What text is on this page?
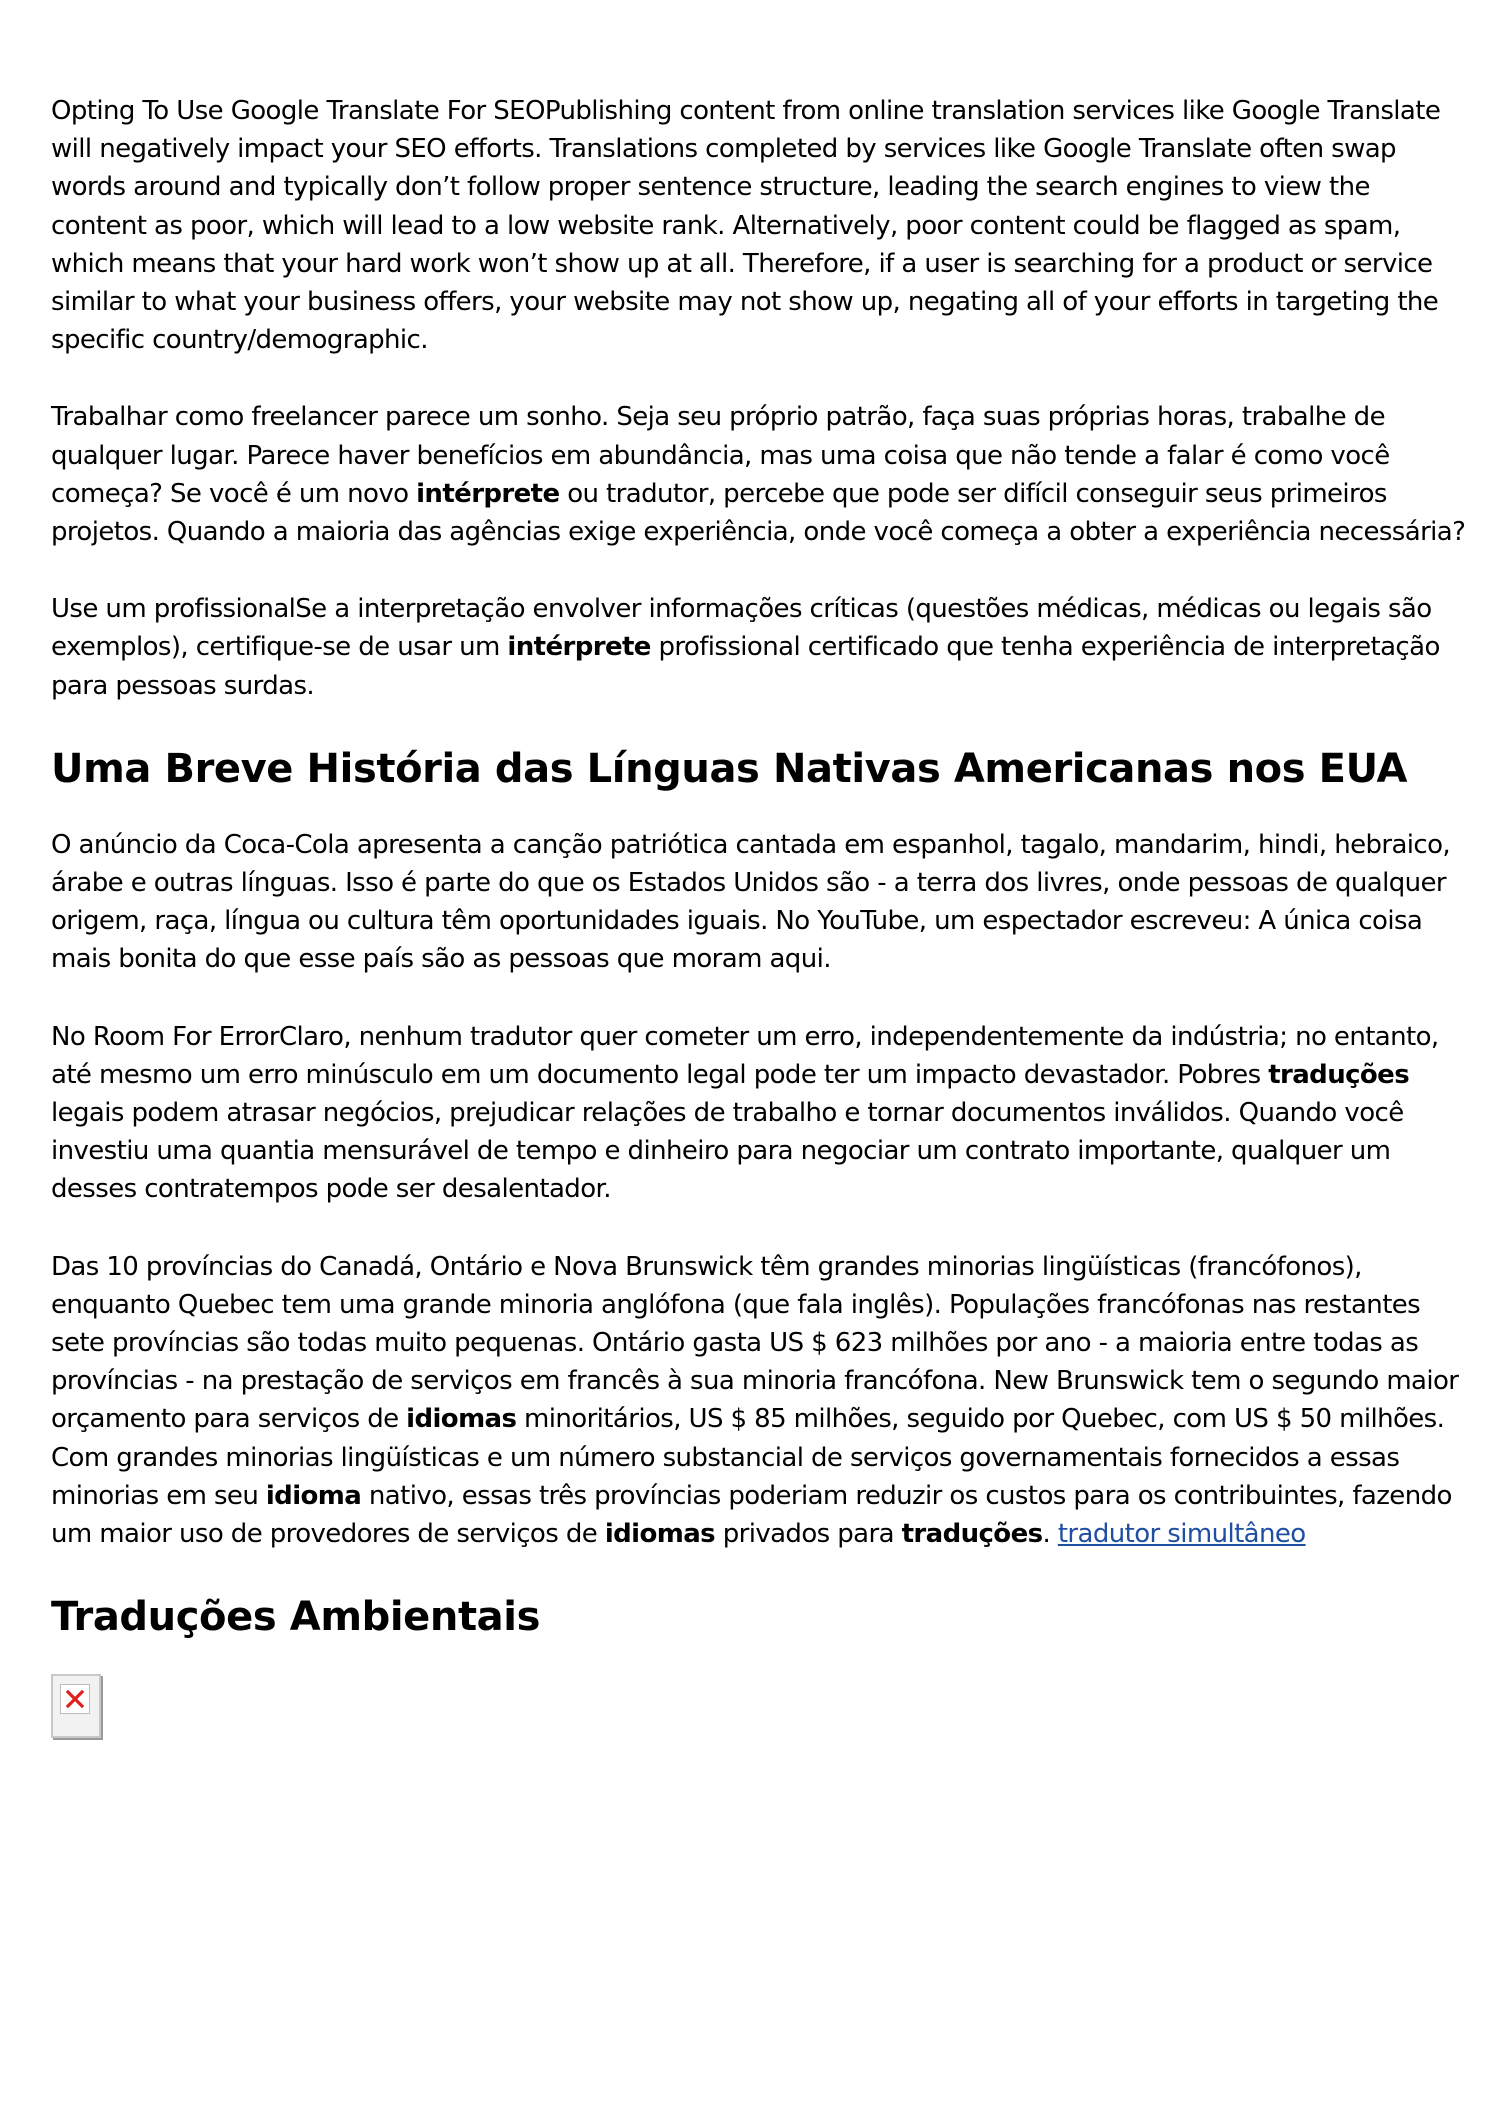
Opting To Use Google Translate For SEOPublishing content from online translation services like Google Translate will negatively impact your SEO efforts. Translations completed by services like Google Translate often swap words around and typically don’t follow proper sentence structure, leading the search engines to view the content as poor, which will lead to a low website rank. Alternatively, poor content could be flagged as spam, which means that your hard work won’t show up at all. Therefore, if a user is searching for a product or service similar to what your business offers, your website may not show up, negating all of your efforts in targeting the specific country/demographic.

Trabalhar como freelancer parece um sonho. Seja seu próprio patrão, faça suas próprias horas, trabalhe de qualquer lugar. Parece haver benefícios em abundância, mas uma coisa que não tende a falar é como você começa? Se você é um novo intérprete ou tradutor, percebe que pode ser difícil conseguir seus primeiros projetos. Quando a maioria das agências exige experiência, onde você começa a obter a experiência necessária?

Use um profissionalSe a interpretação envolver informações críticas (questões médicas, médicas ou legais são exemplos), certifique-se de usar um intérprete profissional certificado que tenha experiência de interpretação para pessoas surdas.

Uma Breve História das Línguas Nativas Americanas nos EUA

O anúncio da Coca-Cola apresenta a canção patriótica cantada em espanhol, tagalo, mandarim, hindi, hebraico, árabe e outras línguas. Isso é parte do que os Estados Unidos são - a terra dos livres, onde pessoas de qualquer origem, raça, língua ou cultura têm oportunidades iguais. No YouTube, um espectador escreveu: A única coisa mais bonita do que esse país são as pessoas que moram aqui.

No Room For ErrorClaro, nenhum tradutor quer cometer um erro, independentemente da indústria; no entanto, até mesmo um erro minúsculo em um documento legal pode ter um impacto devastador. Pobres traduções legais podem atrasar negócios, prejudicar relações de trabalho e tornar documentos inválidos. Quando você investiu uma quantia mensurável de tempo e dinheiro para negociar um contrato importante, qualquer um desses contratempos pode ser desalentador.

Das 10 províncias do Canadá, Ontário e Nova Brunswick têm grandes minorias lingüísticas (francófonos), enquanto Quebec tem uma grande minoria anglófona (que fala inglês). Populações francófonas nas restantes sete províncias são todas muito pequenas. Ontário gasta US $ 623 milhões por ano - a maioria entre todas as províncias - na prestação de serviços em francês à sua minoria francófona. New Brunswick tem o segundo maior orçamento para serviços de idiomas minoritários, US $ 85 milhões, seguido por Quebec, com US $ 50 milhões. Com grandes minorias lingüísticas e um número substancial de serviços governamentais fornecidos a essas minorias em seu idioma nativo, essas três províncias poderiam reduzir os custos para os contribuintes, fazendo um maior uso de provedores de serviços de idiomas privados para traduções. tradutor simultâneo

Traduções Ambientais
